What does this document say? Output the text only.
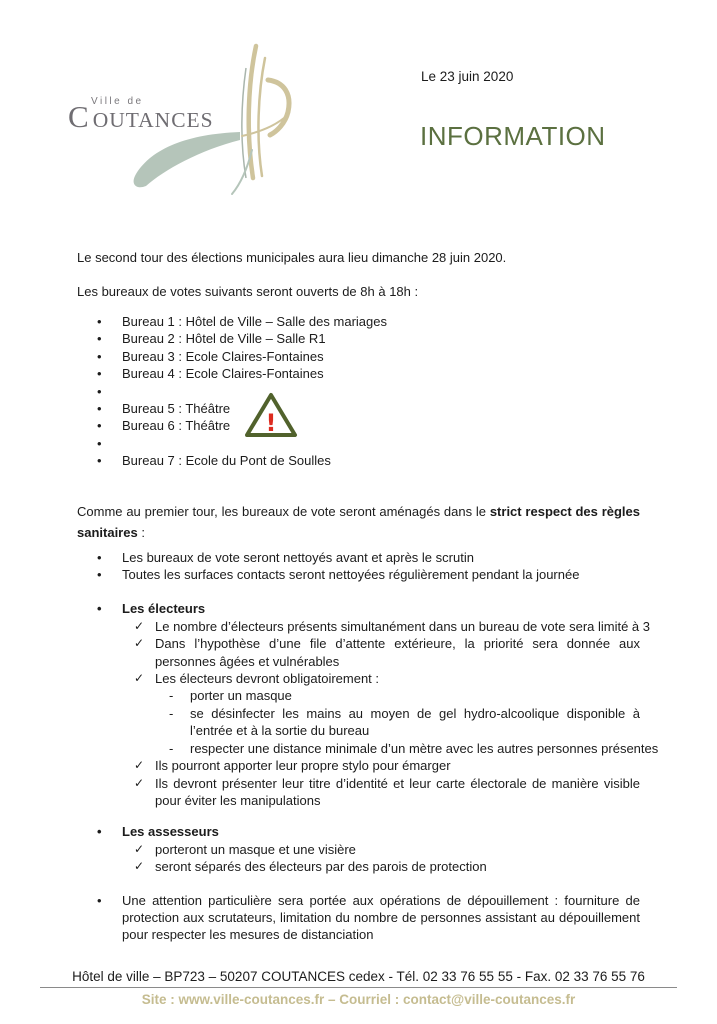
Ville de
C OUTANCES
Le 23 juin 2020
INFORMATION
Le second tour des élections municipales aura lieu dimanche 28 juin 2020.
Les bureaux de votes suivants seront ouverts de 8h à 18h :
• Bureau 1 : Hôtel de Ville – Salle des mariages
• Bureau 2 : Hôtel de Ville – Salle R1
• Bureau 3 : Ecole Claires-Fontaines
• Bureau 4 : Ecole Claires-Fontaines
•
• Bureau 5 : Théâtre
• Bureau 6 : Théâtre
•
• Bureau 7 : Ecole du Pont de Soulles
Comme au premier tour, les bureaux de vote seront aménagés dans le strict respect des règles sanitaires :
• Les bureaux de vote seront nettoyés avant et après le scrutin
• Toutes les surfaces contacts seront nettoyées régulièrement pendant la journée
• Les électeurs
✓ Le nombre d’électeurs présents simultanément dans un bureau de vote sera limité à 3
✓ Dans l’hypothèse d’une file d’attente extérieure, la priorité sera donnée aux personnes âgées et vulnérables
✓ Les électeurs devront obligatoirement :
- porter un masque
- se désinfecter les mains au moyen de gel hydro-alcoolique disponible à l’entrée et à la sortie du bureau
- respecter une distance minimale d’un mètre avec les autres personnes présentes
✓ Ils pourront apporter leur propre stylo pour émarger
✓ Ils devront présenter leur titre d’identité et leur carte électorale de manière visible pour éviter les manipulations
• Les assesseurs
✓ porteront un masque et une visière
✓ seront séparés des électeurs par des parois de protection
• Une attention particulière sera portée aux opérations de dépouillement : fourniture de protection aux scrutateurs, limitation du nombre de personnes assistant au dépouillement pour respecter les mesures de distanciation
!
Hôtel de ville – BP723 – 50207 COUTANCES cedex - Tél. 02 33 76 55 55 - Fax. 02 33 76 55 76
Site : www.ville-coutances.fr – Courriel : contact@ville-coutances.fr
